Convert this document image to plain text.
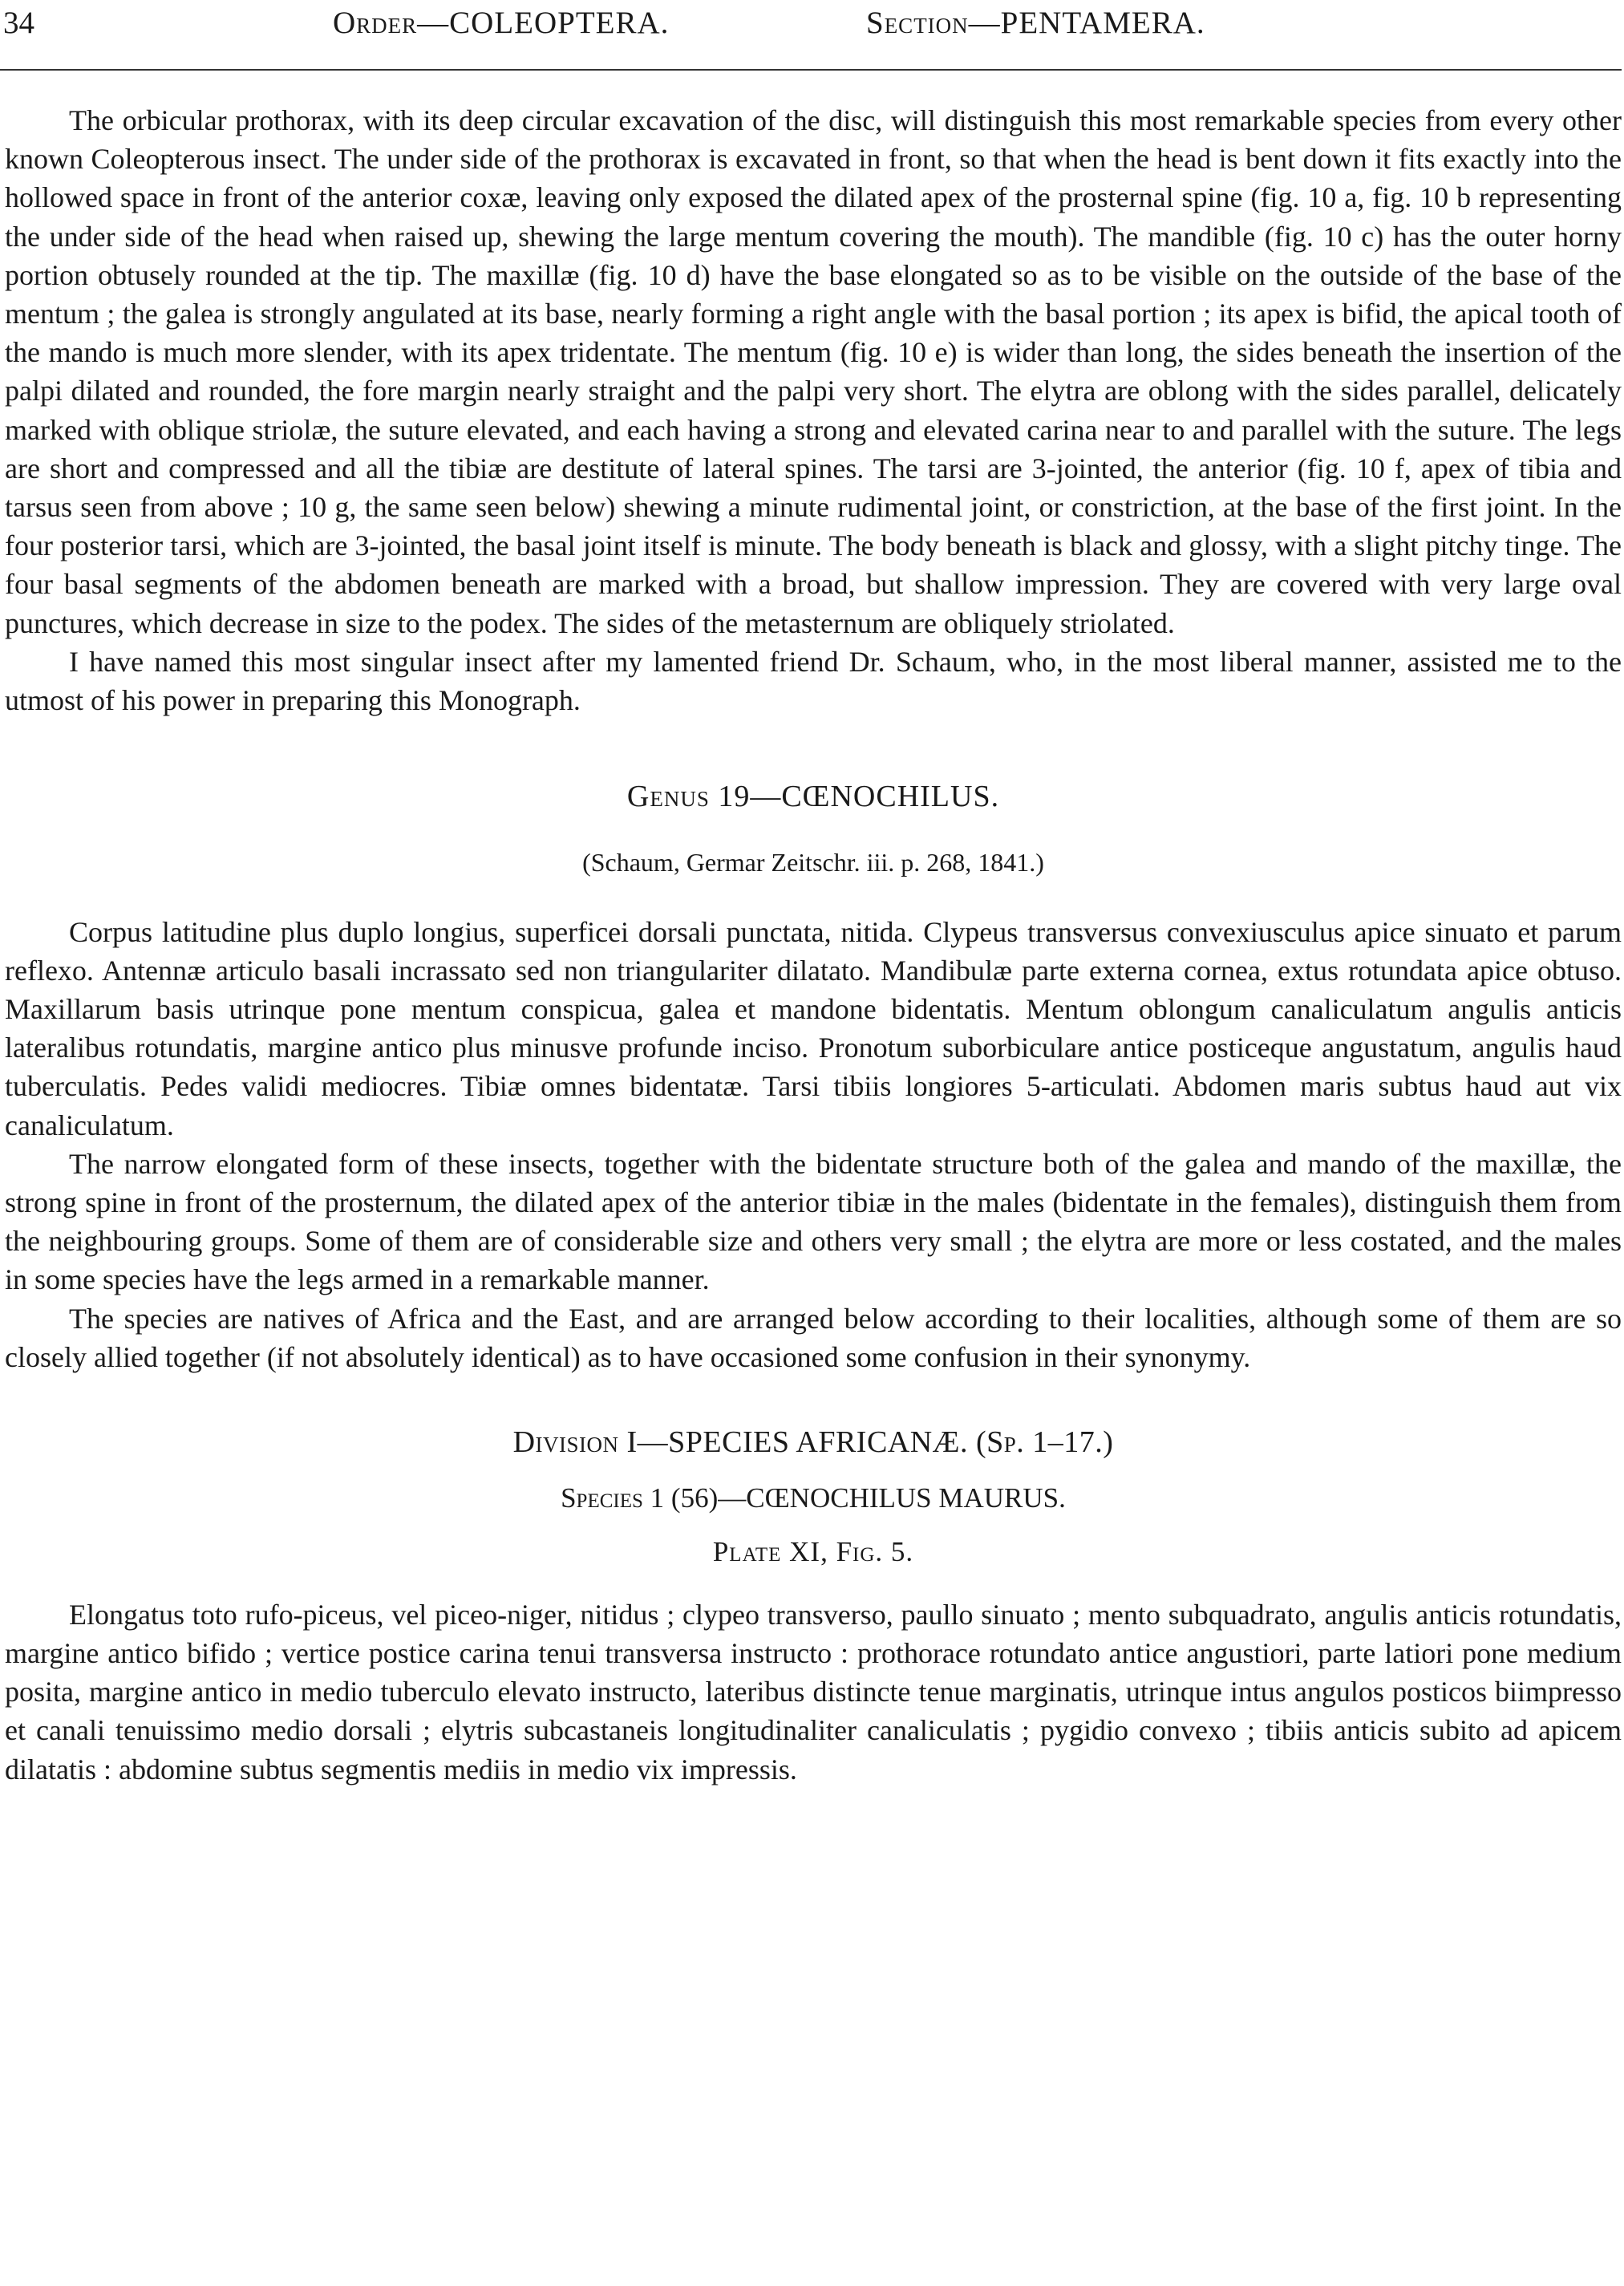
34	Order—COLEOPTERA.	Section—PENTAMERA.

The orbicular prothorax, with its deep circular excavation of the disc, will distinguish this most remarkable species from every other known Coleopterous insect. The under side of the prothorax is excavated in front, so that when the head is bent down it fits exactly into the hollowed space in front of the anterior coxæ, leaving only exposed the dilated apex of the prosternal spine (fig. 10 a, fig. 10 b representing the under side of the head when raised up, shewing the large mentum covering the mouth). The mandible (fig. 10 c) has the outer horny portion obtusely rounded at the tip. The maxillæ (fig. 10 d) have the base elongated so as to be visible on the outside of the base of the mentum ; the galea is strongly angulated at its base, nearly forming a right angle with the basal portion ; its apex is bifid, the apical tooth of the mando is much more slender, with its apex tridentate. The mentum (fig. 10 e) is wider than long, the sides beneath the insertion of the palpi dilated and rounded, the fore margin nearly straight and the palpi very short. The elytra are oblong with the sides parallel, delicately marked with oblique striolæ, the suture elevated, and each having a strong and elevated carina near to and parallel with the suture. The legs are short and compressed and all the tibiæ are destitute of lateral spines. The tarsi are 3-jointed, the anterior (fig. 10 f, apex of tibia and tarsus seen from above ; 10 g, the same seen below) shewing a minute rudimental joint, or constriction, at the base of the first joint. In the four posterior tarsi, which are 3-jointed, the basal joint itself is minute. The body beneath is black and glossy, with a slight pitchy tinge. The four basal segments of the abdomen beneath are marked with a broad, but shallow impression. They are covered with very large oval punctures, which decrease in size to the podex. The sides of the metasternum are obliquely striolated.

I have named this most singular insect after my lamented friend Dr. Schaum, who, in the most liberal manner, assisted me to the utmost of his power in preparing this Monograph.

Genus 19—CŒNOCHILUS.
(Schaum, Germar Zeitschr. iii. p. 268, 1841.)

Corpus latitudine plus duplo longius, superficei dorsali punctata, nitida. Clypeus transversus convexiusculus apice sinuato et parum reflexo. Antennæ articulo basali incrassato sed non triangulariter dilatato. Mandibulæ parte externa cornea, extus rotundata apice obtuso. Maxillarum basis utrinque pone mentum conspicua, galea et mandone bidentatis. Mentum oblongum canaliculatum angulis anticis lateralibus rotundatis, margine antico plus minusve profunde inciso. Pronotum suborbiculare antice posticeque angustatum, angulis haud tuberculatis. Pedes validi mediocres. Tibiæ omnes bidentatæ. Tarsi tibiis longiores 5-articulati. Abdomen maris subtus haud aut vix canaliculatum.

The narrow elongated form of these insects, together with the bidentate structure both of the galea and mando of the maxillæ, the strong spine in front of the prosternum, the dilated apex of the anterior tibiæ in the males (bidentate in the females), distinguish them from the neighbouring groups. Some of them are of considerable size and others very small ; the elytra are more or less costated, and the males in some species have the legs armed in a remarkable manner.

The species are natives of Africa and the East, and are arranged below according to their localities, although some of them are so closely allied together (if not absolutely identical) as to have occasioned some confusion in their synonymy.

Division I—SPECIES AFRICANÆ. (Sp. 1–17.)
Species 1 (56)—CŒNOCHILUS MAURUS.
Plate XI, Fig. 5.

Elongatus toto rufo-piceus, vel piceo-niger, nitidus ; clypeo transverso, paullo sinuato ; mento subquadrato, angulis anticis rotundatis, margine antico bifido ; vertice postice carina tenui transversa instructo : prothorace rotundato antice angustiori, parte latiori pone medium posita, margine antico in medio tuberculo elevato instructo, lateribus distincte tenue marginatis, utrinque intus angulos posticos biimpresso et canali tenuissimo medio dorsali ; elytris subcastaneis longitudinaliter canaliculatis ; pygidio convexo ; tibiis anticis subito ad apicem dilatatis : abdomine subtus segmentis mediis in medio vix impressis.
